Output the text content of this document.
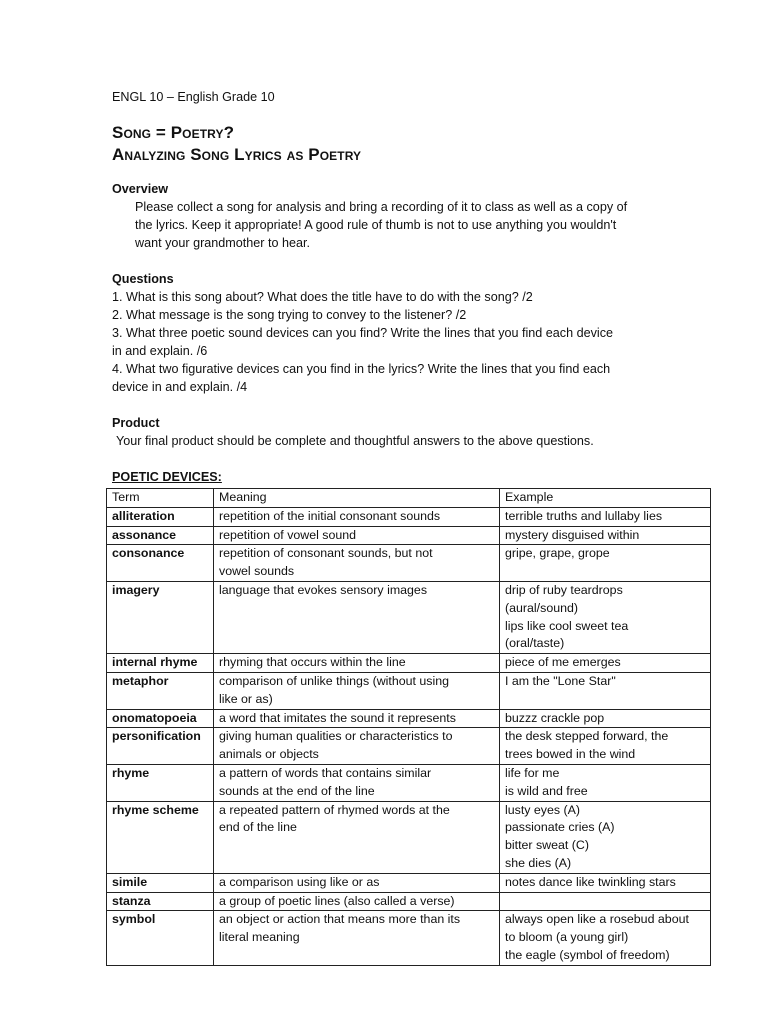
ENGL 10 – English Grade 10

Song = Poetry?
Analyzing Song Lyrics as Poetry

Overview

Please collect a song for analysis and bring a recording of it to class as well as a copy of
the lyrics. Keep it appropriate! A good rule of thumb is not to use anything you wouldn't
want your grandmother to hear.

Questions

1. What is this song about? What does the title have to do with the song? /2
2. What message is the song trying to convey to the listener? /2
3. What three poetic sound devices can you find? Write the lines that you find each device
in and explain. /6
4. What two figurative devices can you find in the lyrics? Write the lines that you find each
device in and explain. /4

Product

Your final product should be complete and thoughtful answers to the above questions.

POETIC DEVICES:

Term	Meaning	Example
alliteration	repetition of the initial consonant sounds	terrible truths and lullaby lies

assonance	repetition of vowel sound	mystery disguised within

consonance	repetition of consonant sounds, but not
vowel sounds	gripe, grape, grope

imagery	language that evokes sensory images	drip of ruby teardrops
(aural/sound)
lips like cool sweet tea
(oral/taste)

internal rhyme	rhyming that occurs within the line	piece of me emerges

metaphor	comparison of unlike things (without using
like or as)	I am the "Lone Star"

onomatopoeia	a word that imitates the sound it represents	buzzz crackle pop

personification	giving human qualities or characteristics to
animals or objects	the desk stepped forward, the
trees bowed in the wind

rhyme	a pattern of words that contains similar
sounds at the end of the line	life for me
is wild and free

rhyme scheme	a repeated pattern of rhymed words at the
end of the line	lusty eyes (A)
passionate cries (A)
bitter sweat (C)
she dies (A)

simile	a comparison using like or as	notes dance like twinkling stars

stanza	a group of poetic lines (also called a verse)	

symbol	an object or action that means more than its
literal meaning	always open like a rosebud about
to bloom (a young girl)
the eagle (symbol of freedom)
